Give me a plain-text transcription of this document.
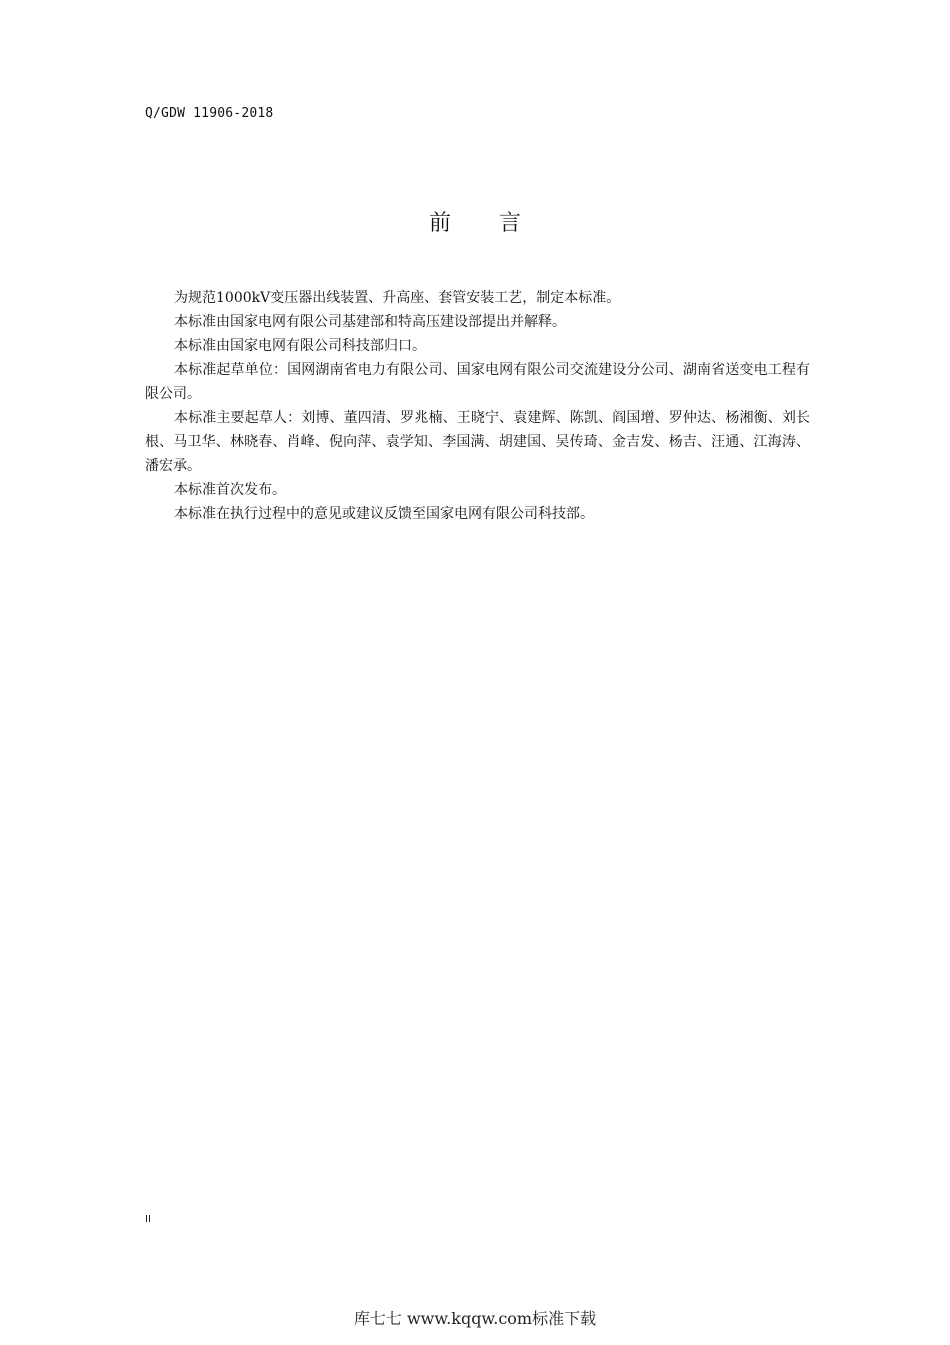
Q/GDW 11906-2018
前言

为规范1000kV变压器出线装置、升高座、套管安装工艺，制定本标准。

本标准由国家电网有限公司基建部和特高压建设部提出并解释。

本标准由国家电网有限公司科技部归口。

本标准起草单位：国网湖南省电力有限公司、国家电网有限公司交流建设分公司、湖南省送变电工程有限公司。

本标准主要起草人：刘博、董四清、罗兆楠、王晓宁、袁建辉、陈凯、阎国增、罗仲达、杨湘衡、刘长根、马卫华、林晓春、肖峰、倪向萍、袁学知、李国满、胡建国、吴传琦、金吉发、杨吉、汪通、江海涛、潘宏承。

本标准首次发布。

本标准在执行过程中的意见或建议反馈至国家电网有限公司科技部。

II
库七七 www.kqqw.com标准下载
